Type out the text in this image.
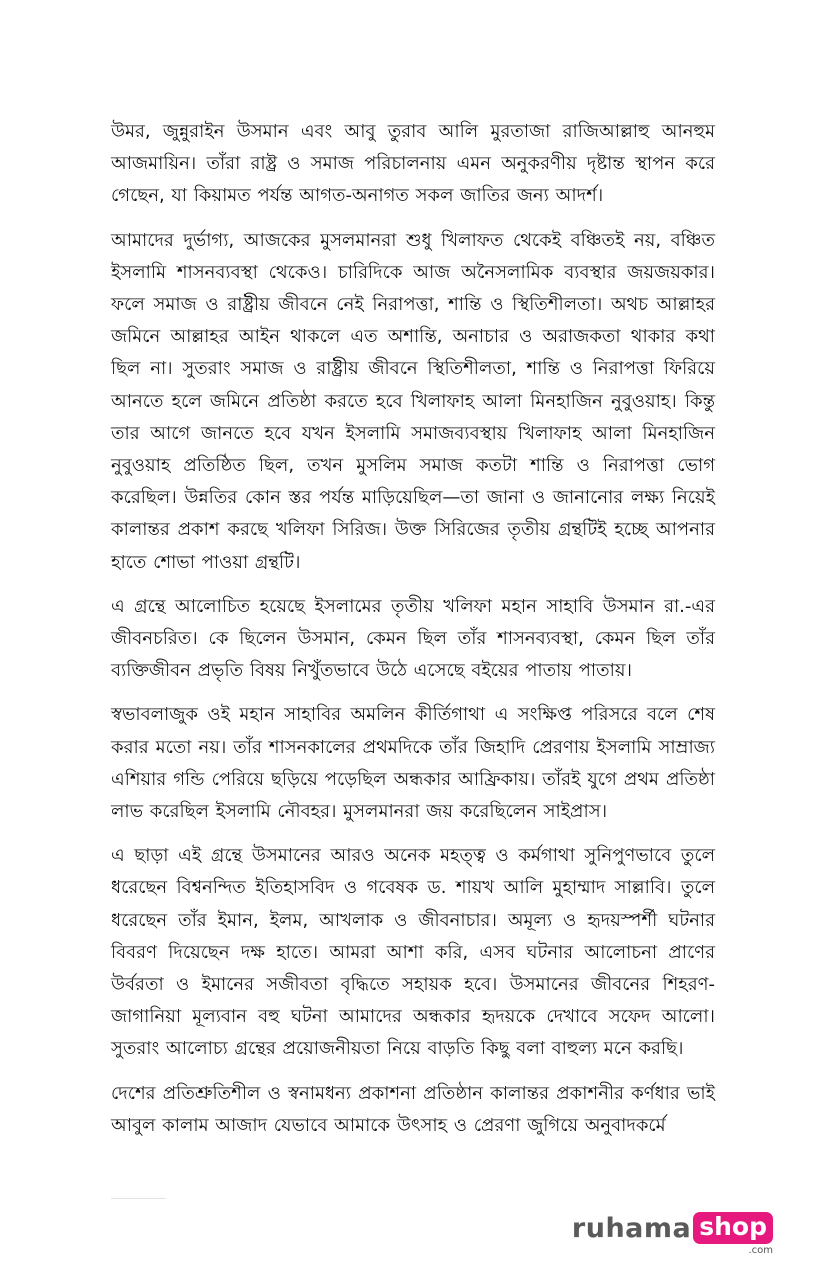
উমর, জুন্নুরাইন উসমান এবং আবু তুরাব আলি মুরতাজা রাজিআল্লাহু আনহুম আজমায়িন। তাঁরা রাষ্ট্র ও সমাজ পরিচালনায় এমন অনুকরণীয় দৃষ্টান্ত স্থাপন করে গেছেন, যা কিয়ামত পর্যন্ত আগত-অনাগত সকল জাতির জন্য আদর্শ।

আমাদের দুর্ভাগ্য, আজকের মুসলমানরা শুধু খিলাফত থেকেই বঞ্চিতই নয়, বঞ্চিত ইসলামি শাসনব্যবস্থা থেকেও। চারিদিকে আজ অনৈসলামিক ব্যবস্থার জয়জয়কার। ফলে সমাজ ও রাষ্ট্রীয় জীবনে নেই নিরাপত্তা, শান্তি ও স্থিতিশীলতা। অথচ আল্লাহর জমিনে আল্লাহর আইন থাকলে এত অশান্তি, অনাচার ও অরাজকতা থাকার কথা ছিল না। সুতরাং সমাজ ও রাষ্ট্রীয় জীবনে স্থিতিশীলতা, শান্তি ও নিরাপত্তা ফিরিয়ে আনতে হলে জমিনে প্রতিষ্ঠা করতে হবে খিলাফাহ আলা মিনহাজিন নুবুওয়াহ। কিন্তু তার আগে জানতে হবে যখন ইসলামি সমাজব্যবস্থায় খিলাফাহ আলা মিনহাজিন নুবুওয়াহ প্রতিষ্ঠিত ছিল, তখন মুসলিম সমাজ কতটা শান্তি ও নিরাপত্তা ভোগ করেছিল। উন্নতির কোন স্তর পর্যন্ত মাড়িয়েছিল—তা জানা ও জানানোর লক্ষ্য নিয়েই কালান্তর প্রকাশ করছে খলিফা সিরিজ। উক্ত সিরিজের তৃতীয় গ্রন্থটিই হচ্ছে আপনার হাতে শোভা পাওয়া গ্রন্থটি।

এ গ্রন্থে আলোচিত হয়েছে ইসলামের তৃতীয় খলিফা মহান সাহাবি উসমান রা.-এর জীবনচরিত। কে ছিলেন উসমান, কেমন ছিল তাঁর শাসনব্যবস্থা, কেমন ছিল তাঁর ব্যক্তিজীবন প্রভৃতি বিষয় নিখুঁতভাবে উঠে এসেছে বইয়ের পাতায় পাতায়।

স্বভাবলাজুক ওই মহান সাহাবির অমলিন কীর্তিগাথা এ সংক্ষিপ্ত পরিসরে বলে শেষ করার মতো নয়। তাঁর শাসনকালের প্রথমদিকে তাঁর জিহাদি প্রেরণায় ইসলামি সাম্রাজ্য এশিয়ার গন্ডি পেরিয়ে ছড়িয়ে পড়েছিল অন্ধকার আফ্রিকায়। তাঁরই যুগে প্রথম প্রতিষ্ঠা লাভ করেছিল ইসলামি নৌবহর। মুসলমানরা জয় করেছিলেন সাইপ্রাস।

এ ছাড়া এই গ্রন্থে উসমানের আরও অনেক মহত্ত্ব ও কর্মগাথা সুনিপুণভাবে তুলে ধরেছেন বিশ্বনন্দিত ইতিহাসবিদ ও গবেষক ড. শায়খ আলি মুহাম্মাদ সাল্লাবি। তুলে ধরেছেন তাঁর ইমান, ইলম, আখলাক ও জীবনাচার। অমূল্য ও হৃদয়স্পর্শী ঘটনার বিবরণ দিয়েছেন দক্ষ হাতে। আমরা আশা করি, এসব ঘটনার আলোচনা প্রাণের উর্বরতা ও ইমানের সজীবতা বৃদ্ধিতে সহায়ক হবে। উসমানের জীবনের শিহরণ-জাগানিয়া মূল্যবান বহু ঘটনা আমাদের অন্ধকার হৃদয়কে দেখাবে সফেদ আলো। সুতরাং আলোচ্য গ্রন্থের প্রয়োজনীয়তা নিয়ে বাড়তি কিছু বলা বাহুল্য মনে করছি।

দেশের প্রতিশ্রুতিশীল ও স্বনামধন্য প্রকাশনা প্রতিষ্ঠান কালান্তর প্রকাশনীর কর্ণধার ভাই আবুল কালাম আজাদ যেভাবে আমাকে উৎসাহ ও প্রেরণা জুগিয়ে অনুবাদকর্মে

ruhama shop
.com
